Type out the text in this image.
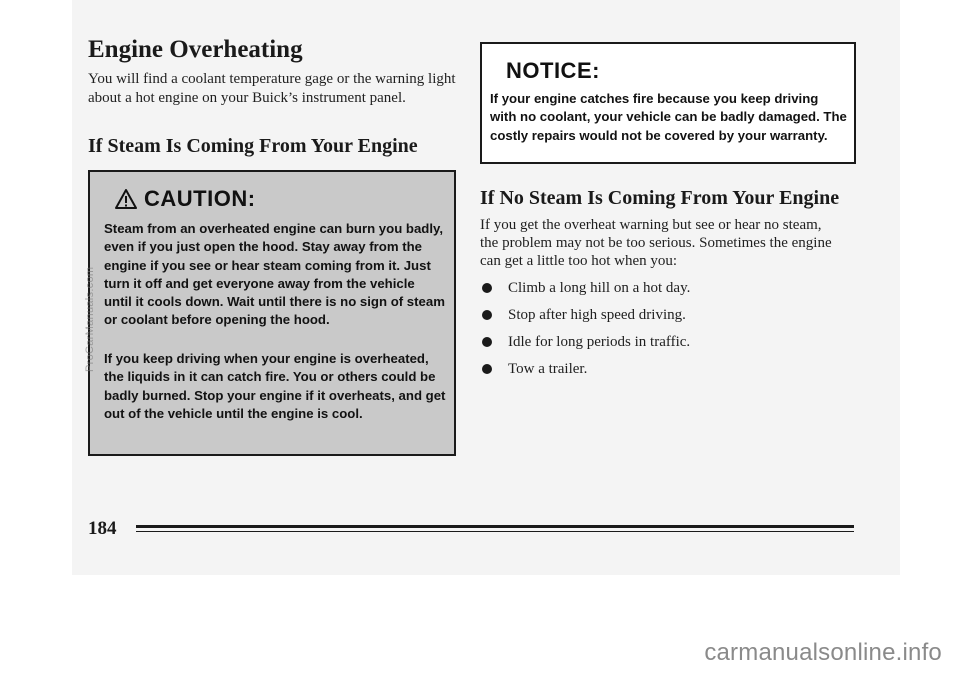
Engine Overheating

You will find a coolant temperature gage or the warning light about a hot engine on your Buick’s instrument panel.

If Steam Is Coming From Your Engine
CAUTION:

Steam from an overheated engine can burn you badly, even if you just open the hood. Stay away from the engine if you see or hear steam coming from it. Just turn it off and get everyone away from the vehicle until it cools down. Wait until there is no sign of steam or coolant before opening the hood.

If you keep driving when your engine is overheated, the liquids in it can catch fire. You or others could be badly burned. Stop your engine if it overheats, and get out of the vehicle until the engine is cool.

NOTICE:

If your engine catches fire because you keep driving with no coolant, your vehicle can be badly damaged. The costly repairs would not be covered by your warranty.

If No Steam Is Coming From Your Engine

If you get the overheat warning but see or hear no steam, the problem may not be too serious. Sometimes the engine can get a little too hot when you:

Climb a long hill on a hot day.
Stop after high speed driving.
Idle for long periods in traffic.
Tow a trailer.
184
ProCarManuals.com
carmanualsonline.info
